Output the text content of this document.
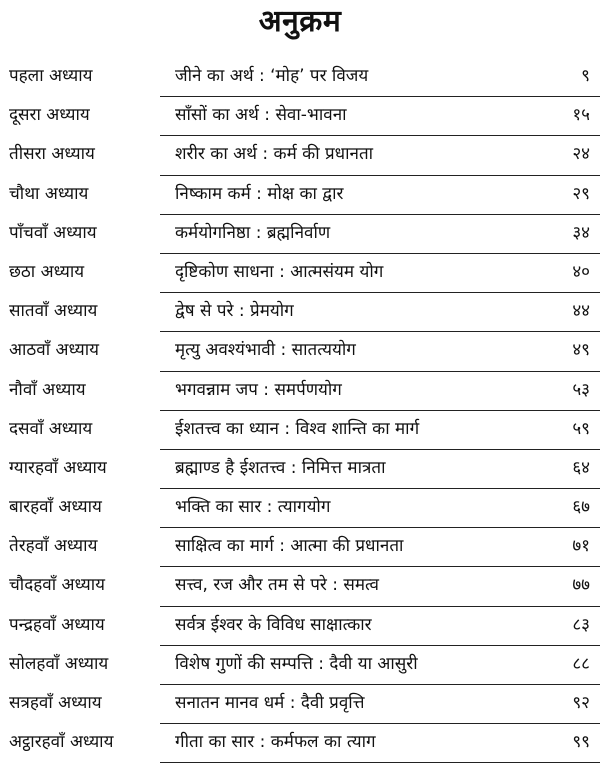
अनुक्रम
पहला अध्याय	जीने का अर्थ : ‘मोह’ पर विजय	९
दूसरा अध्याय	साँसों का अर्थ : सेवा-भावना	१५
तीसरा अध्याय	शरीर का अर्थ : कर्म की प्रधानता	२४
चौथा अध्याय	निष्काम कर्म : मोक्ष का द्वार	२९
पाँचवाँ अध्याय	कर्मयोगनिष्ठा : ब्रह्मनिर्वाण	३४
छठा अध्याय	दृष्टिकोण साधना : आत्मसंयम योग	४०
सातवाँ अध्याय	द्वेष से परे : प्रेमयोग	४४
आठवाँ अध्याय	मृत्यु अवश्यंभावी : सातत्ययोग	४९
नौवाँ अध्याय	भगवन्नाम जप : समर्पणयोग	५३
दसवाँ अध्याय	ईशतत्त्व का ध्यान : विश्व शान्ति का मार्ग	५९
ग्यारहवाँ अध्याय	ब्रह्माण्ड है ईशतत्त्व : निमित्त मात्रता	६४
बारहवाँ अध्याय	भक्ति का सार : त्यागयोग	६७
तेरहवाँ अध्याय	साक्षित्व का मार्ग : आत्मा की प्रधानता	७१
चौदहवाँ अध्याय	सत्त्व, रज और तम से परे : समत्व	७७
पन्द्रहवाँ अध्याय	सर्वत्र ईश्वर के विविध साक्षात्कार	८३
सोलहवाँ अध्याय	विशेष गुणों की सम्पत्ति : दैवी या आसुरी	८८
सत्रहवाँ अध्याय	सनातन मानव धर्म : दैवी प्रवृत्ति	९२
अट्ठारहवाँ अध्याय	गीता का सार : कर्मफल का त्याग	९९
